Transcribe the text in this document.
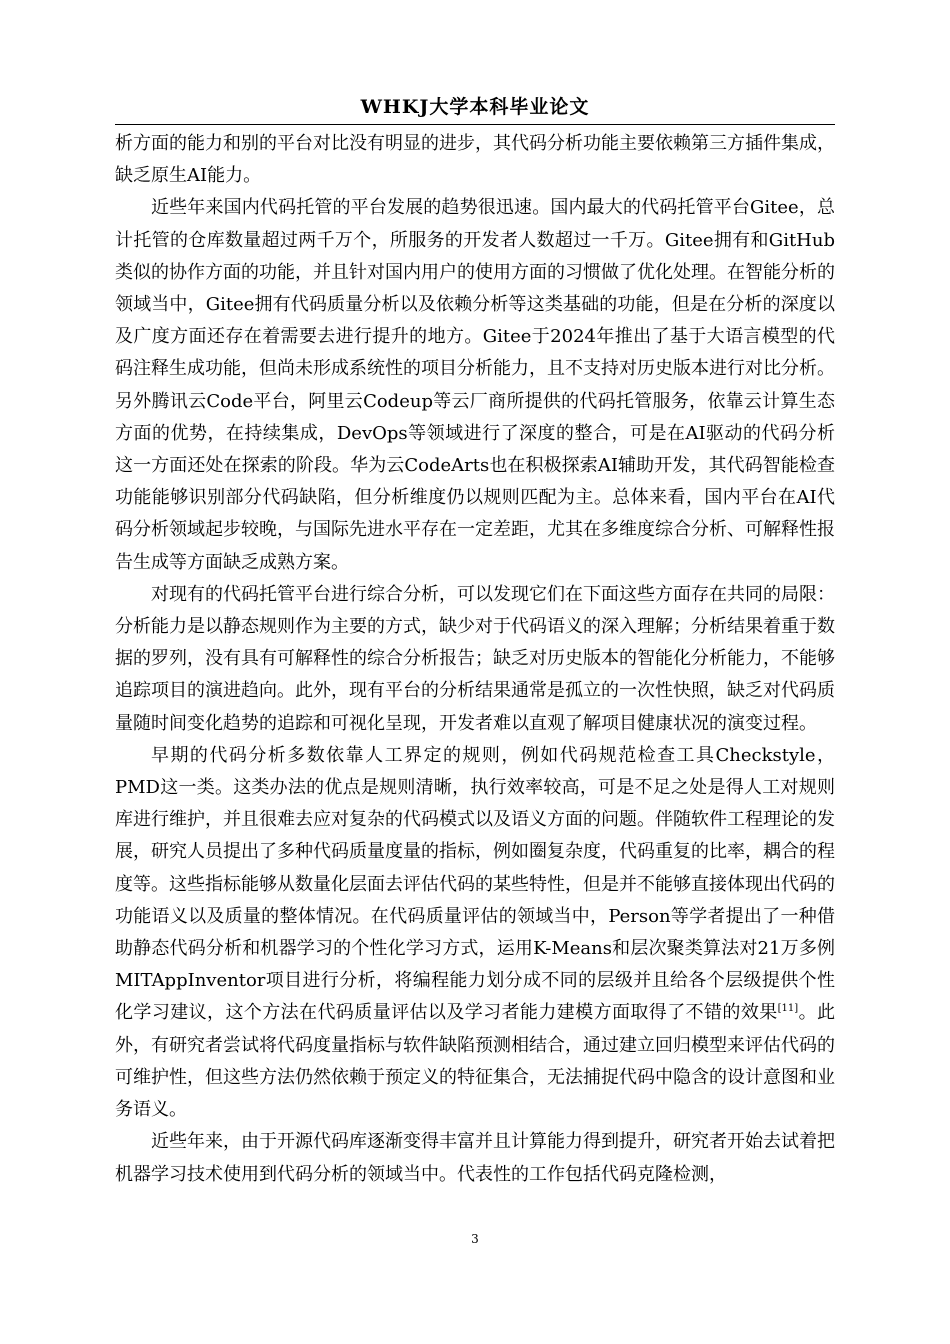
WHKJ大学本科毕业论文

析方面的能力和别的平台对比没有明显的进步，其代码分析功能主要依赖第三方插件集成，缺乏原生AI能力。

近些年来国内代码托管的平台发展的趋势很迅速。国内最大的代码托管平台Gitee，总计托管的仓库数量超过两千万个，所服务的开发者人数超过一千万。Gitee拥有和GitHub类似的协作方面的功能，并且针对国内用户的使用方面的习惯做了优化处理。在智能分析的领域当中，Gitee拥有代码质量分析以及依赖分析等这类基础的功能，但是在分析的深度以及广度方面还存在着需要去进行提升的地方。Gitee于2024年推出了基于大语言模型的代码注释生成功能，但尚未形成系统性的项目分析能力，且不支持对历史版本进行对比分析。另外腾讯云Code平台，阿里云Codeup等云厂商所提供的代码托管服务，依靠云计算生态方面的优势，在持续集成，DevOps等领域进行了深度的整合，可是在AI驱动的代码分析这一方面还处在探索的阶段。华为云CodeArts也在积极探索AI辅助开发，其代码智能检查功能能够识别部分代码缺陷，但分析维度仍以规则匹配为主。总体来看，国内平台在AI代码分析领域起步较晚，与国际先进水平存在一定差距，尤其在多维度综合分析、可解释性报告生成等方面缺乏成熟方案。

对现有的代码托管平台进行综合分析，可以发现它们在下面这些方面存在共同的局限：分析能力是以静态规则作为主要的方式，缺少对于代码语义的深入理解；分析结果着重于数据的罗列，没有具有可解释性的综合分析报告；缺乏对历史版本的智能化分析能力，不能够追踪项目的演进趋向。此外，现有平台的分析结果通常是孤立的一次性快照，缺乏对代码质量随时间变化趋势的追踪和可视化呈现，开发者难以直观了解项目健康状况的演变过程。

早期的代码分析多数依靠人工界定的规则，例如代码规范检查工具Checkstyle，PMD这一类。这类办法的优点是规则清晰，执行效率较高，可是不足之处是得人工对规则库进行维护，并且很难去应对复杂的代码模式以及语义方面的问题。伴随软件工程理论的发展，研究人员提出了多种代码质量度量的指标，例如圈复杂度，代码重复的比率，耦合的程度等。这些指标能够从数量化层面去评估代码的某些特性，但是并不能够直接体现出代码的功能语义以及质量的整体情况。在代码质量评估的领域当中，Person等学者提出了一种借助静态代码分析和机器学习的个性化学习方式，运用K-Means和层次聚类算法对21万多例MITAppInventor项目进行分析，将编程能力划分成不同的层级并且给各个层级提供个性化学习建议，这个方法在代码质量评估以及学习者能力建模方面取得了不错的效果[11]。此外，有研究者尝试将代码度量指标与软件缺陷预测相结合，通过建立回归模型来评估代码的可维护性，但这些方法仍然依赖于预定义的特征集合，无法捕捉代码中隐含的设计意图和业务语义。

近些年来，由于开源代码库逐渐变得丰富并且计算能力得到提升，研究者开始去试着把机器学习技术使用到代码分析的领域当中。代表性的工作包括代码克隆检测，

3
